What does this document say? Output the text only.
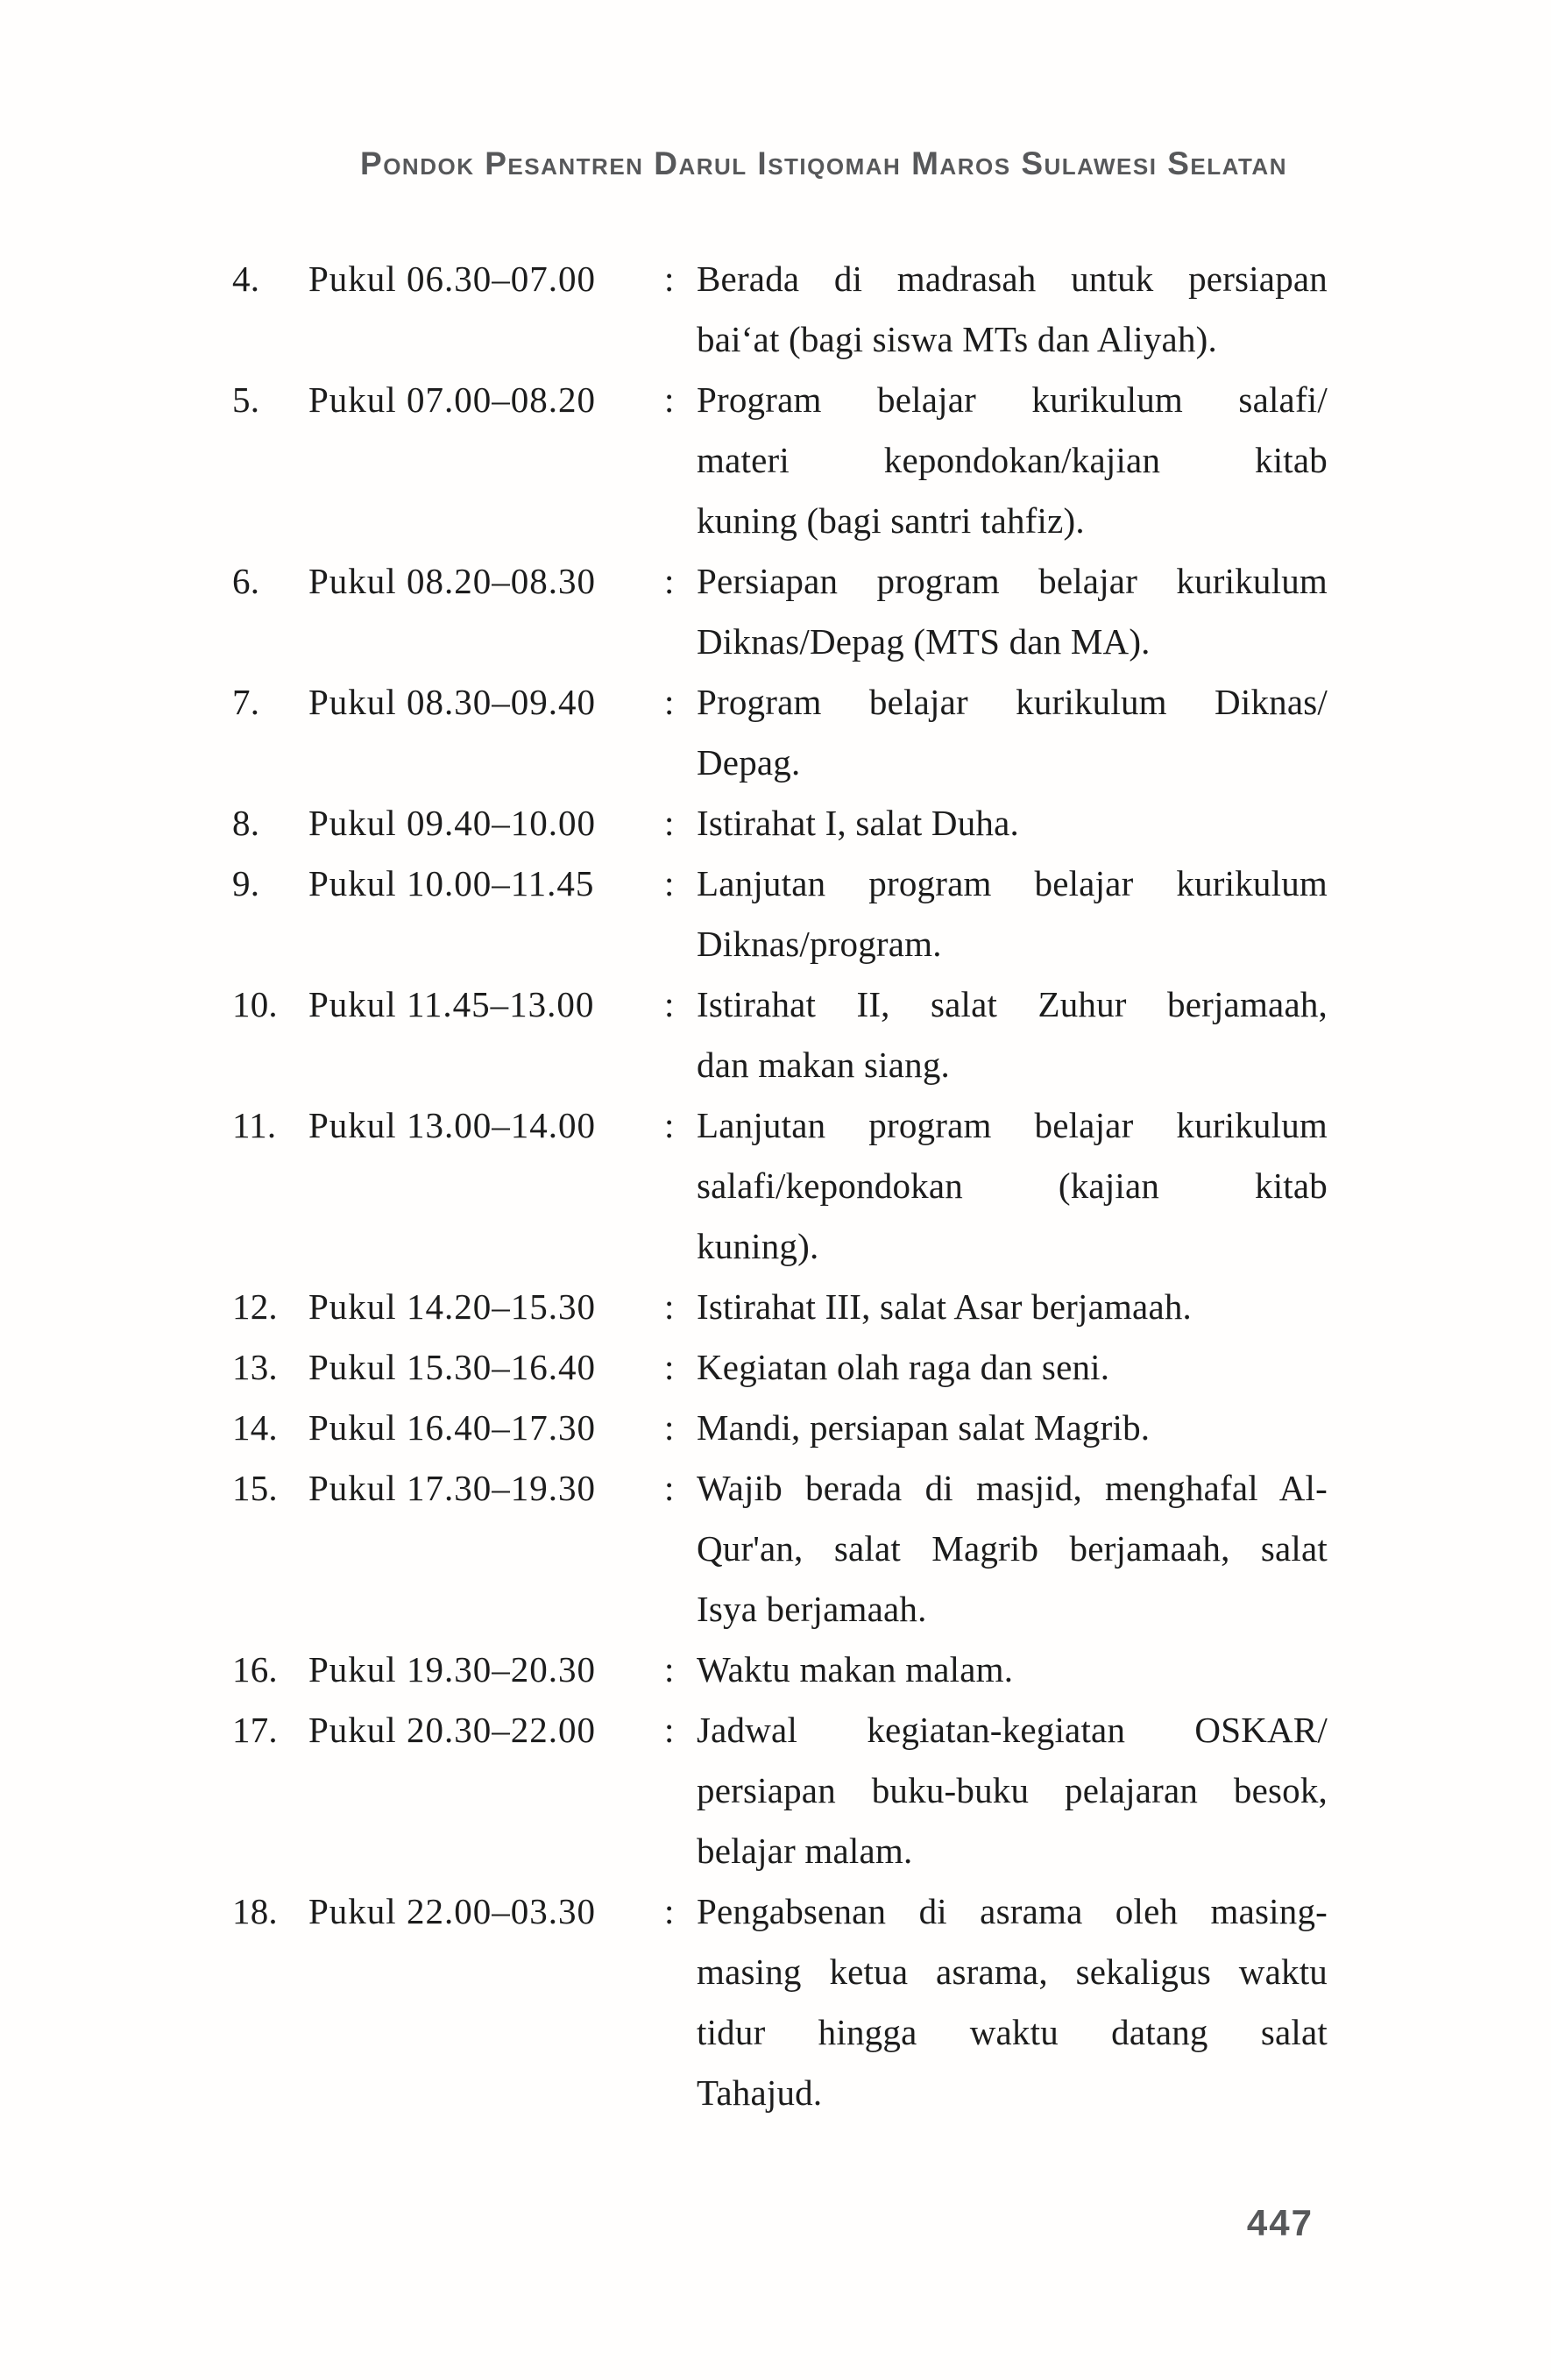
Pondok Pesantren Darul Istiqomah Maros Sulawesi Selatan
4.	Pukul 06.30–07.00	: Berada di madrasah untuk persiapan
bai‘at (bagi siswa MTs dan Aliyah).
5.	Pukul 07.00–08.20	: Program belajar kurikulum salafi/
materi kepondokan/kajian kitab
kuning (bagi santri tahfiz).
6.	Pukul 08.20–08.30	: Persiapan program belajar kurikulum
Diknas/Depag (MTS dan MA).
7.	Pukul 08.30–09.40	: Program belajar kurikulum Diknas/
Depag.
8.	Pukul 09.40–10.00	: Istirahat I, salat Duha.
9.	Pukul 10.00–11.45	: Lanjutan program belajar kurikulum
Diknas/program.
10. Pukul 11.45–13.00	: Istirahat II, salat Zuhur berjamaah,
dan makan siang.
11. Pukul 13.00–14.00	: Lanjutan program belajar kurikulum
salafi/kepondokan (kajian kitab
kuning).
12. Pukul 14.20–15.30	: Istirahat III, salat Asar berjamaah.
13. Pukul 15.30–16.40	: Kegiatan olah raga dan seni.
14. Pukul 16.40–17.30	: Mandi, persiapan salat Magrib.
15. Pukul 17.30–19.30	: Wajib berada di masjid, menghafal Al-
Qur'an, salat Magrib berjamaah, salat
Isya berjamaah.
16. Pukul 19.30–20.30	: Waktu makan malam.
17. Pukul 20.30–22.00	: Jadwal kegiatan-kegiatan OSKAR/
persiapan buku-buku pelajaran besok,
belajar malam.
18. Pukul 22.00–03.30	: Pengabsenan di asrama oleh masing-
masing ketua asrama, sekaligus waktu
tidur hingga waktu datang salat
Tahajud.
447
